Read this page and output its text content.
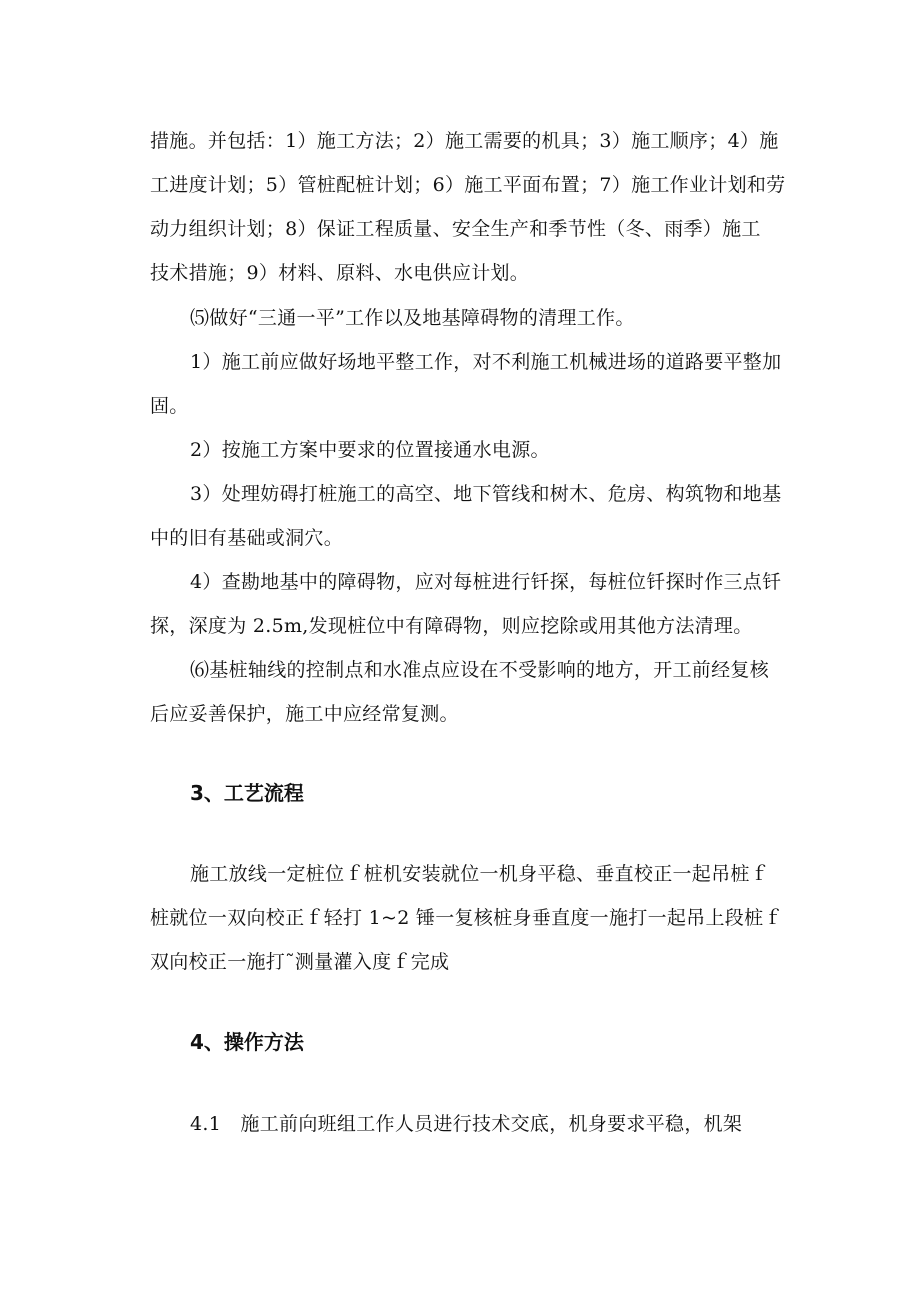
措施。并包括：1）施工方法；2）施工需要的机具；3）施工顺序；4）施
工进度计划；5）管桩配桩计划；6）施工平面布置；7）施工作业计划和劳
动力组织计划；8）保证工程质量、安全生产和季节性（冬、雨季）施工
技术措施；9）材料、原料、水电供应计划。
⑸做好“三通一平”工作以及地基障碍物的清理工作。
1）施工前应做好场地平整工作，对不利施工机械进场的道路要平整加
固。
2）按施工方案中要求的位置接通水电源。
3）处理妨碍打桩施工的高空、地下管线和树木、危房、构筑物和地基
中的旧有基础或洞穴。
4）查勘地基中的障碍物，应对每桩进行钎探，每桩位钎探时作三点钎
探，深度为 2.5m,发现桩位中有障碍物，则应挖除或用其他方法清理。
⑹基桩轴线的控制点和水准点应设在不受影响的地方，开工前经复核
后应妥善保护，施工中应经常复测。
3、工艺流程
施工放线一定桩位ｆ桩机安装就位一机身平稳、垂直校正一起吊桩ｆ
桩就位一双向校正ｆ轻打 1~2 锤一复核桩身垂直度一施打一起吊上段桩ｆ
双向校正一施打˜测量灌入度ｆ完成
4、操作方法
4.1　施工前向班组工作人员进行技术交底，机身要求平稳，机架
